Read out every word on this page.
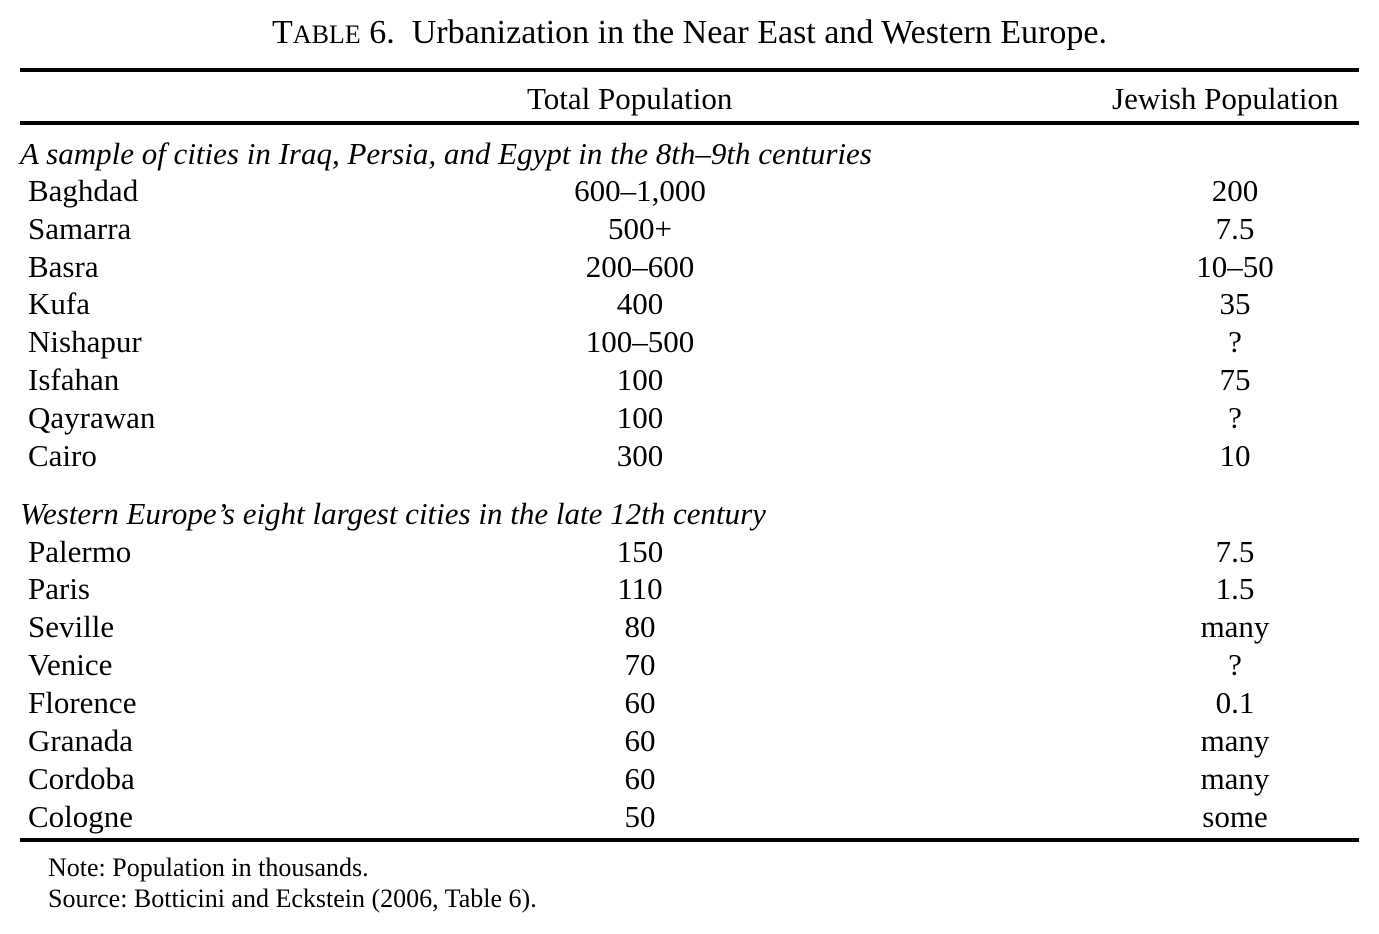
TABLE 6.  Urbanization in the Near East and Western Europe.
Total Population	Jewish Population
A sample of cities in Iraq, Persia, and Egypt in the 8th–9th centuries
Baghdad	600–1,000	200
Samarra	500+	7.5
Basra	200–600	10–50
Kufa	400	35
Nishapur	100–500	?
Isfahan	100	75
Qayrawan	100	?
Cairo	300	10
Western Europe’s eight largest cities in the late 12th century
Palermo	150	7.5
Paris	110	1.5
Seville	80	many
Venice	70	?
Florence	60	0.1
Granada	60	many
Cordoba	60	many
Cologne	50	some
Note: Population in thousands.
Source: Botticini and Eckstein (2006, Table 6).
